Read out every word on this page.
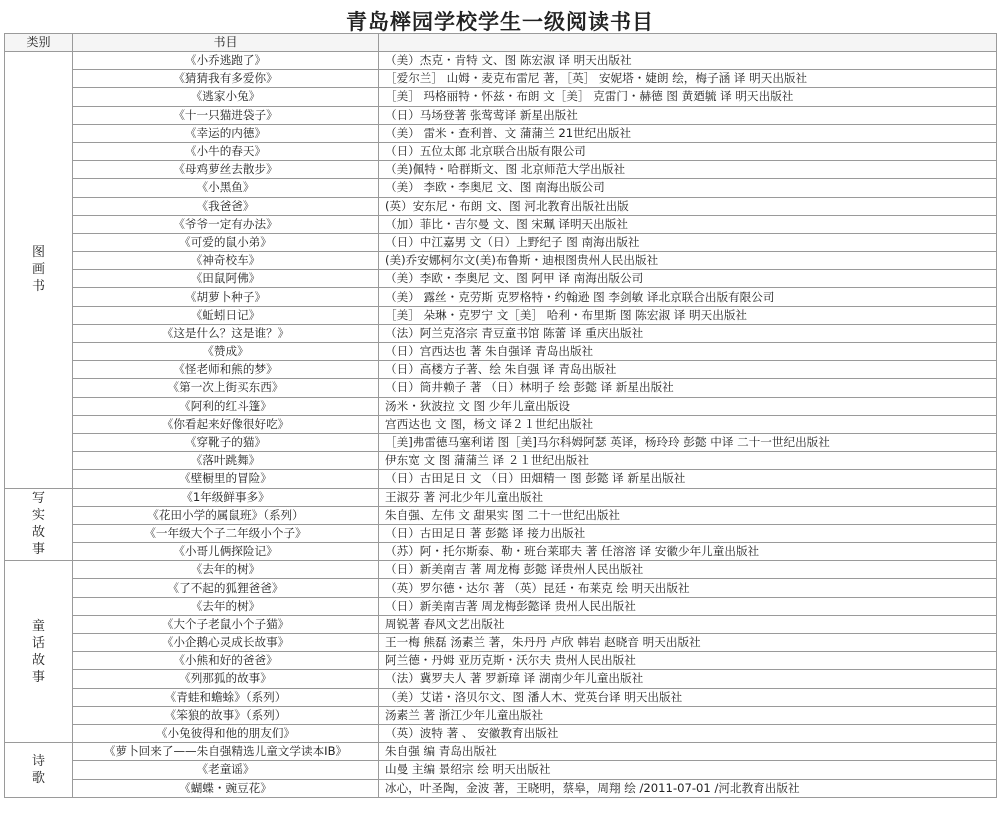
青岛榉园学校学生一级阅读书目
类别	书目	
图画书	《小乔逃跑了》	（美）杰克・肯特 文、图 陈宏淑 译 明天出版社
	《猜猜我有多爱你》	［爱尔兰］ 山姆・麦克布雷尼 著，［英］ 安妮塔・婕朗 绘，梅子涵 译 明天出版社
	《逃家小兔》	［美］ 玛格丽特・怀兹・布朗 文［美］ 克雷门・赫德 图 黄廼毓 译 明天出版社
	《十一只猫进袋子》	（日）马场登著 张莺莺译 新星出版社
	《幸运的内德》	（美） 雷米・查利普、文 蒲蒲兰 21世纪出版社
	《小牛的春天》	（日）五位太郎 北京联合出版有限公司
	《母鸡萝丝去散步》	（美)佩特・哈群斯文、图 北京师范大学出版社
	《小黑鱼》	（美） 李欧・李奥尼 文、图 南海出版公司
	《我爸爸》	(英）安东尼・布朗 文、图 河北教育出版社出版
	《爷爷一定有办法》	（加）菲比・吉尔曼 文、图 宋珮 译明天出版社
	《可爱的鼠小弟》	（日）中江嘉男 文（日）上野纪子 图 南海出版社
	《神奇校车》	(美)乔安娜柯尔文(美)布鲁斯・迪根图贵州人民出版社
	《田鼠阿佛》	（美）李欧・李奥尼 文、图 阿甲 译 南海出版公司
	《胡萝卜种子》	（美） 露丝・克劳斯 克罗格特・约翰逊 图 李剑敏 译北京联合出版有限公司
	《蚯蚓日记》	［美］ 朵琳・克罗宁 文［美］ 哈利・布里斯 图 陈宏淑 译 明天出版社
	《这是什么？这是谁？》	（法）阿兰克洛宗 青豆童书馆 陈蕾 译 重庆出版社
	《赞成》	（日）宫西达也 著 朱自强译 青岛出版社
	《怪老师和熊的梦》	（日）高楼方子著、绘 朱自强 译 青岛出版社
	《第一次上街买东西》	（日）筒井赖子 著 （日）林明子 绘 彭懿 译 新星出版社
	《阿利的红斗篷》	汤米・狄波拉 文 图 少年儿童出版设
	《你看起来好像很好吃》	宫西达也 文 图，杨文 译２１世纪出版社
	《穿靴子的猫》	［美]弗雷德马塞利诺 图［美]马尔科姆阿瑟 英译，杨玲玲 彭懿 中译 二十一世纪出版社
	《落叶跳舞》	伊东宽 文 图 蒲蒲兰 译 ２１世纪出版社
	《壁橱里的冒险》	（日）古田足日 文 （日）田畑精一 图 彭懿 译 新星出版社
写实故事	《1年级鲜事多》	王淑芬 著 河北少年儿童出版社
	《花田小学的属鼠班》（系列）	朱自强、左伟 文 甜果实 图 二十一世纪出版社
	《一年级大个子二年级小个子》	（日）古田足日 著 彭懿 译 接力出版社
	《小哥儿俩探险记》	（苏）阿・托尔斯泰、勒・班台莱耶夫 著 任溶溶 译 安徽少年儿童出版社
童话故事	《去年的树》	（日）新美南吉 著 周龙梅 彭懿 译贵州人民出版社
	《了不起的狐狸爸爸》	（英）罗尔德・达尔 著 （英）昆廷・布莱克 绘 明天出版社
	《去年的树》	（日）新美南吉著 周龙梅彭懿译 贵州人民出版社
	《大个子老鼠小个子猫》	周锐著 春风文艺出版社
	《小企鹅心灵成长故事》	王一梅 熊磊 汤素兰 著，朱丹丹 卢欣 韩岩 赵晓音 明天出版社
	《小熊和好的爸爸》	阿兰德・丹姆 亚历克斯・沃尔夫 贵州人民出版社
	《列那狐的故事》	（法）冀罗夫人 著 罗新璋 译 湖南少年儿童出版社
	《青蛙和蟾蜍》（系列）	（美）艾诺・洛贝尔文、图 潘人木、党英台译 明天出版社
	《笨狼的故事》（系列）	汤素兰 著 浙江少年儿童出版社
	《小兔彼得和他的朋友们》	（英）波特 著 、 安徽教育出版社
诗歌	《萝卜回来了——朱自强精选儿童文学读本IB》	朱自强 编 青岛出版社
	《老童谣》	山曼 主编 景绍宗 绘 明天出版社
	《蝴蝶・豌豆花》	冰心，叶圣陶，金波 著，王晓明，蔡皋，周翔 绘 /2011-07-01 /河北教育出版社
